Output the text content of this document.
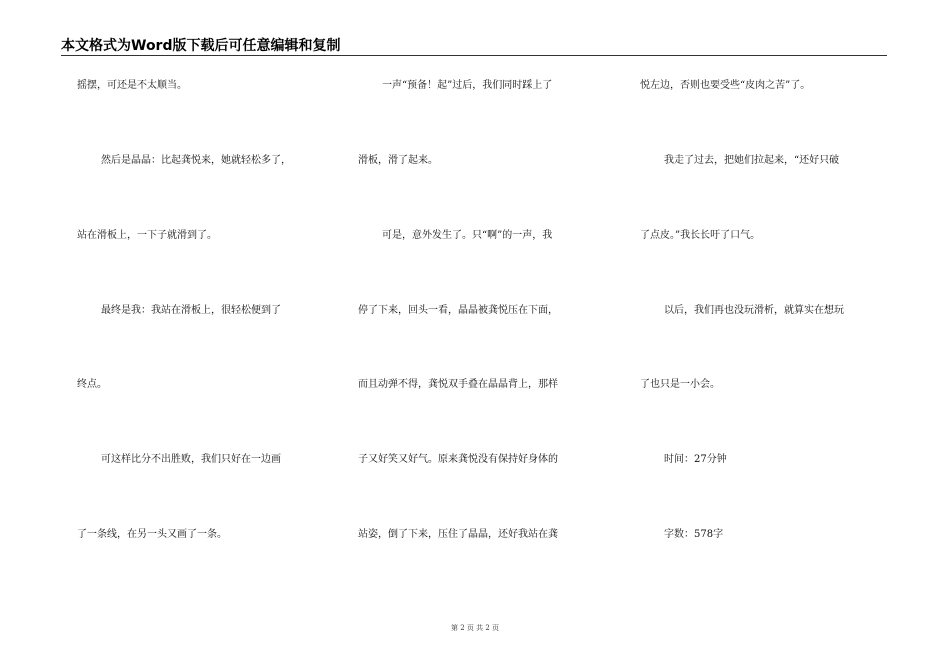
本文格式为Word版下载后可任意编辑和复制
摇摆，可还是不太顺当。
然后是晶晶：比起龚悦来，她就轻松多了，
站在滑板上，一下子就滑到了。
最终是我：我站在滑板上，很轻松便到了
终点。
可这样比分不出胜败，我们只好在一边画
了一条线，在另一头又画了一条。
一声“预备！起”过后，我们同时踩上了
滑板，滑了起来。
可是，意外发生了。只“啊”的一声，我
停了下来，回头一看，晶晶被龚悦压在下面，
而且动弹不得，龚悦双手叠在晶晶背上，那样
子又好笑又好气。原来龚悦没有保持好身体的
站姿，倒了下来，压住了晶晶，还好我站在龚
悦左边，否则也要受些“皮肉之苦”了。
我走了过去，把她们拉起来，“还好只破
了点皮。”我长长吁了口气。
以后，我们再也没玩滑析，就算实在想玩
了也只是一小会。
时间：27分钟
字数：578字
第 2 页 共 2 页
